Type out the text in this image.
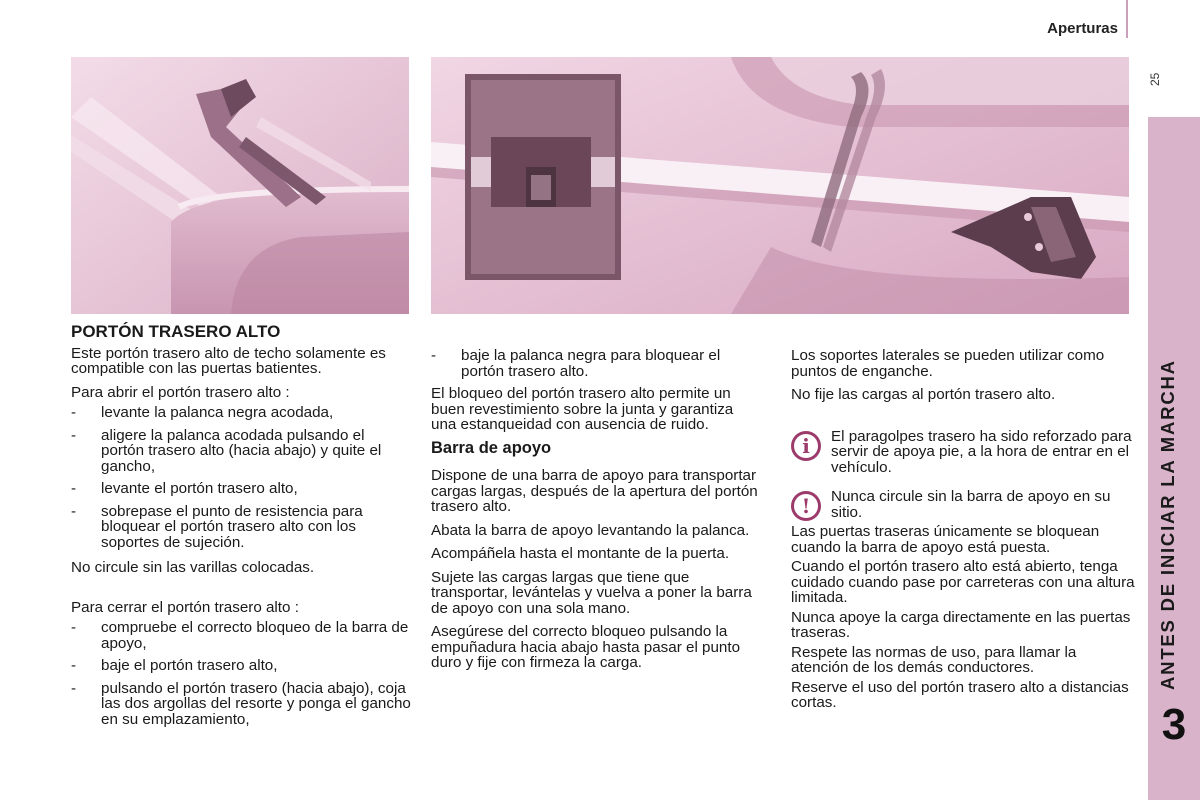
Aperturas
25
ANTES DE INICIAR LA MARCHA
3
PORTÓN TRASERO ALTO

Este portón trasero alto de techo solamente es compatible con las puertas batientes.

Para abrir el portón trasero alto :

- levante la palanca negra acodada,
- aligere la palanca acodada pulsando el portón trasero alto (hacia abajo) y quite el gancho,
- levante el portón trasero alto,
- sobrepase el punto de resistencia para bloquear el portón trasero alto con los soportes de sujeción.

No circule sin las varillas colocadas.

Para cerrar el portón trasero alto :

- compruebe el correcto bloqueo de la barra de apoyo,
- baje el portón trasero alto,
- pulsando el portón trasero (hacia abajo), coja las dos argollas del resorte y ponga el gancho en su emplazamiento,
- baje la palanca negra para bloquear el portón trasero alto.

El bloqueo del portón trasero alto permite un buen revestimiento sobre la junta y garantiza una estanqueidad con ausencia de ruido.

Barra de apoyo

Dispone de una barra de apoyo para transportar cargas largas, después de la apertura del portón trasero alto.

Abata la barra de apoyo levantando la palanca.

Acompáñela hasta el montante de la puerta.

Sujete las cargas largas que tiene que transportar, levántelas y vuelva a poner la barra de apoyo con una sola mano.

Asegúrese del correcto bloqueo pulsando la empuñadura hacia abajo hasta pasar el punto duro y fije con firmeza la carga.

Los soportes laterales se pueden utilizar como puntos de enganche.

No fije las cargas al portón trasero alto.

i	El paragolpes trasero ha sido reforzado para servir de apoya pie, a la hora de entrar en el vehículo.
!	Nunca circule sin la barra de apoyo en su sitio.

Las puertas traseras únicamente se bloquean cuando la barra de apoyo está puesta.

Cuando el portón trasero alto está abierto, tenga cuidado cuando pase por carreteras con una altura limitada.

Nunca apoye la carga directamente en las puertas traseras.

Respete las normas de uso, para llamar la atención de los demás conductores.

Reserve el uso del portón trasero alto a distancias cortas.
